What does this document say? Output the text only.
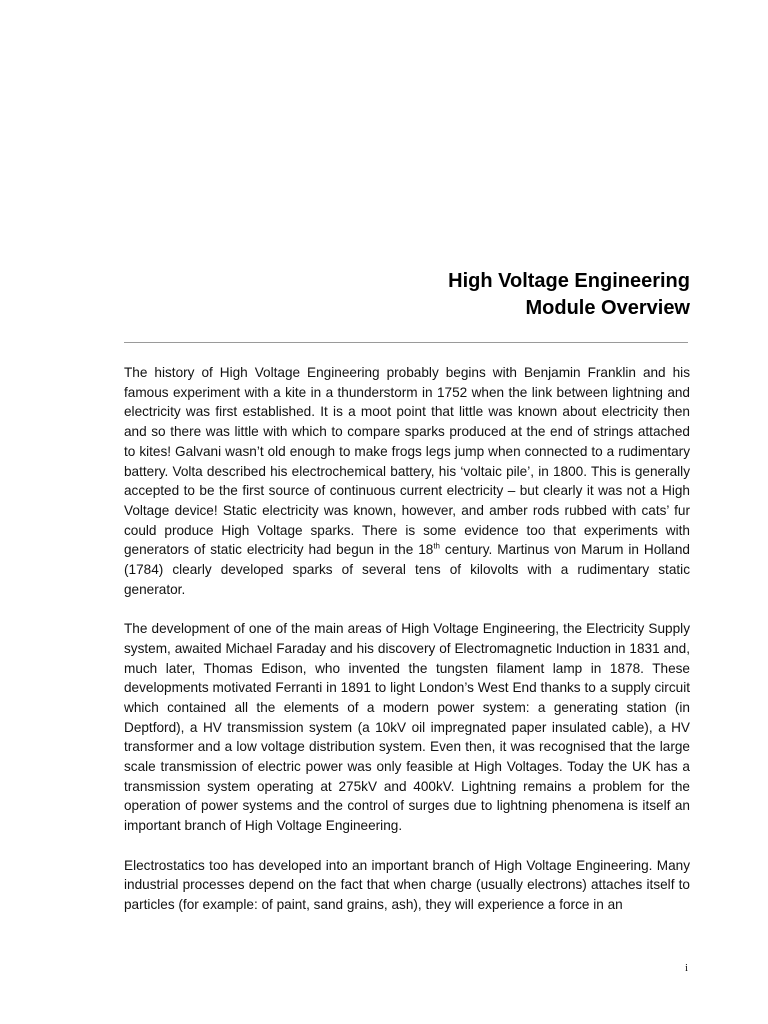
High Voltage Engineering
Module Overview

The history of High Voltage Engineering probably begins with Benjamin Franklin and his famous experiment with a kite in a thunderstorm in 1752 when the link between lightning and electricity was first established. It is a moot point that little was known about electricity then and so there was little with which to compare sparks produced at the end of strings attached to kites! Galvani wasn’t old enough to make frogs legs jump when connected to a rudimentary battery. Volta described his electrochemical battery, his ‘voltaic pile’, in 1800. This is generally accepted to be the first source of continuous current electricity – but clearly it was not a High Voltage device! Static electricity was known, however, and amber rods rubbed with cats’ fur could produce High Voltage sparks. There is some evidence too that experiments with generators of static electricity had begun in the 18th century. Martinus von Marum in Holland (1784) clearly developed sparks of several tens of kilovolts with a rudimentary static generator.

The development of one of the main areas of High Voltage Engineering, the Electricity Supply system, awaited Michael Faraday and his discovery of Electromagnetic Induction in 1831 and, much later, Thomas Edison, who invented the tungsten filament lamp in 1878. These developments motivated Ferranti in 1891 to light London’s West End thanks to a supply circuit which contained all the elements of a modern power system: a generating station (in Deptford), a HV transmission system (a 10kV oil impregnated paper insulated cable), a HV transformer and a low voltage distribution system. Even then, it was recognised that the large scale transmission of electric power was only feasible at High Voltages. Today the UK has a transmission system operating at 275kV and 400kV. Lightning remains a problem for the operation of power systems and the control of surges due to lightning phenomena is itself an important branch of High Voltage Engineering.

Electrostatics too has developed into an important branch of High Voltage Engineering. Many industrial processes depend on the fact that when charge (usually electrons) attaches itself to particles (for example: of paint, sand grains, ash), they will experience a force in an

i
